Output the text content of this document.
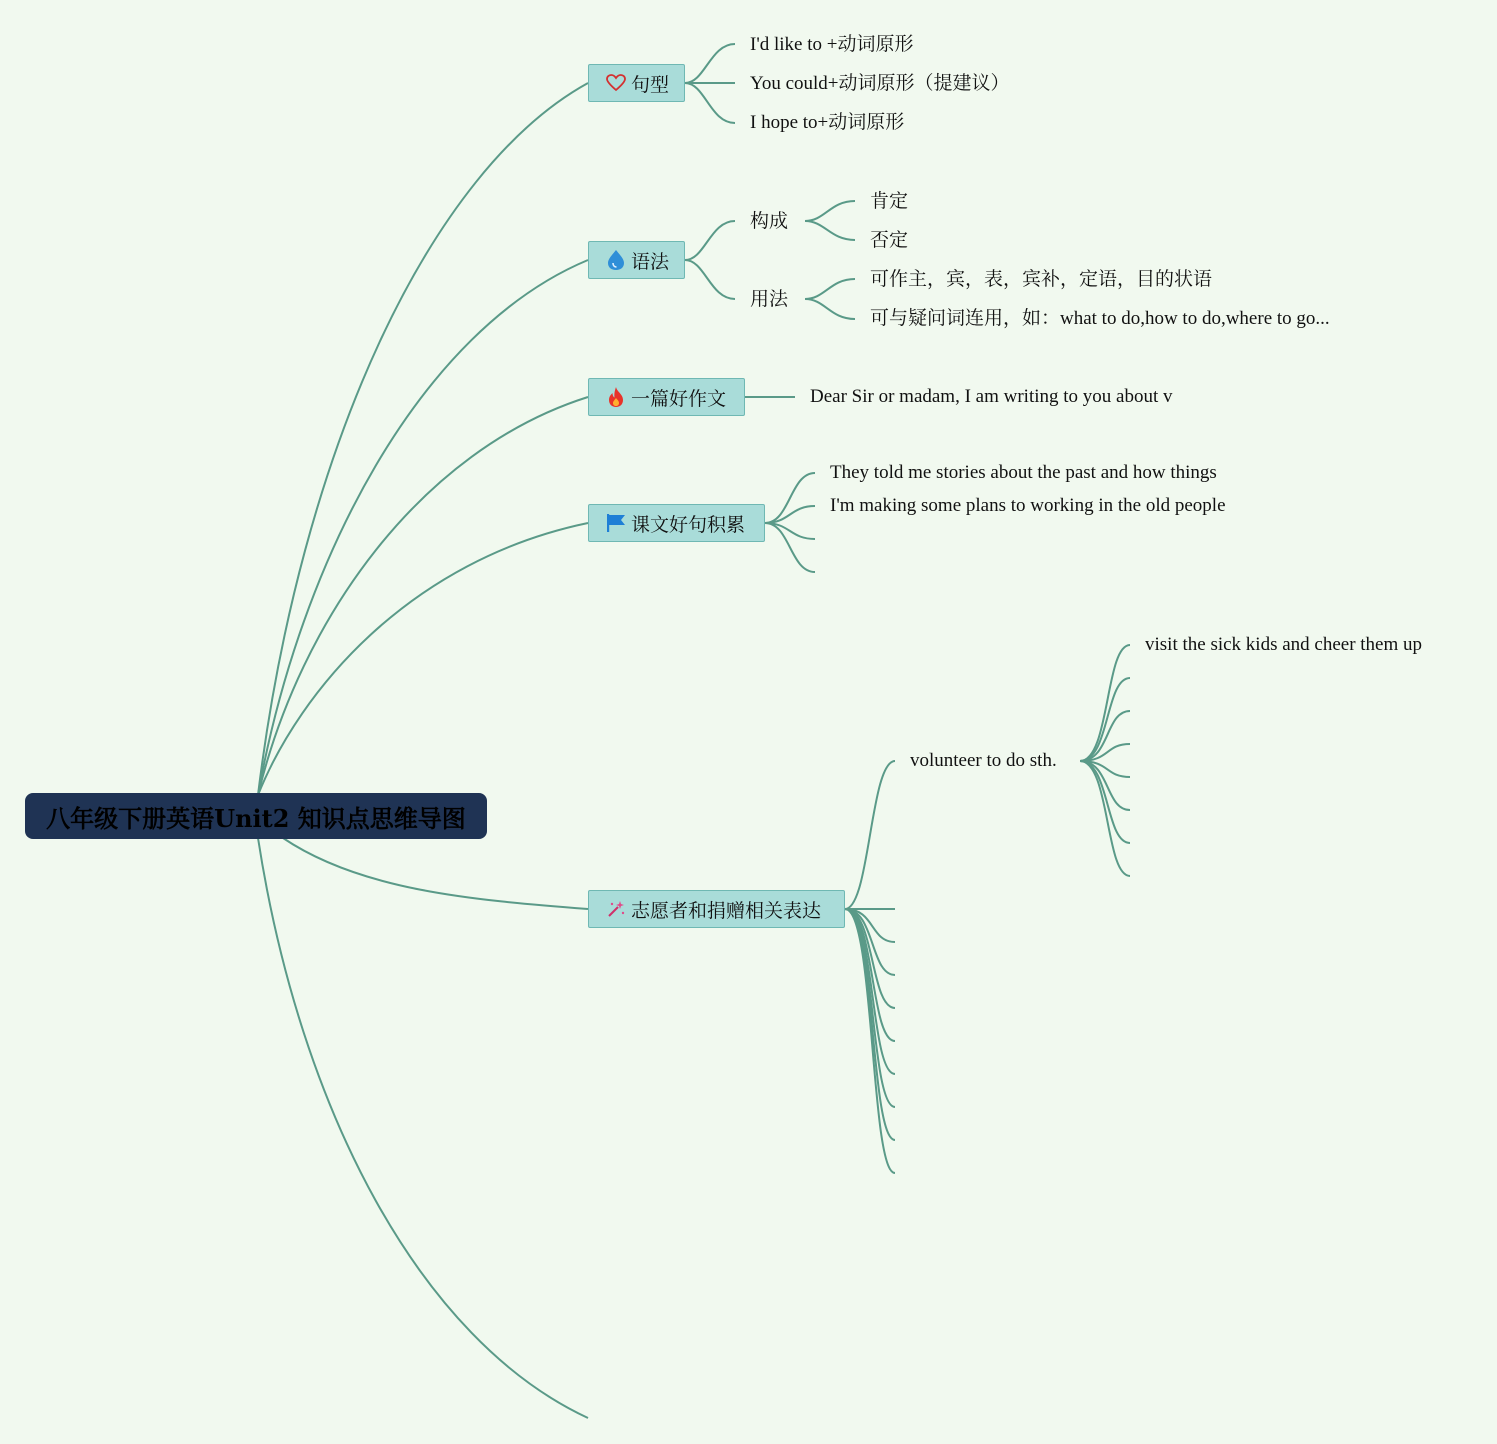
八年级下册英语Unit2 知识点思维导图
句型
I'd like to +动词原形
You could+动词原形（提建议）
I hope to+动词原形
语法
构成
用法
肯定
否定
可作主，宾，表，宾补，定语，目的状语
可与疑问词连用，如：what to do,how to do,where to go...
一篇好作文	Dear Sir or madam, I am writing to you about v
课文好句积累
They told me stories about the past and how things
I'm making some plans to working in the old people
志愿者和捐赠相关表达
volunteer to do sth.
visit the sick kids and cheer them up
